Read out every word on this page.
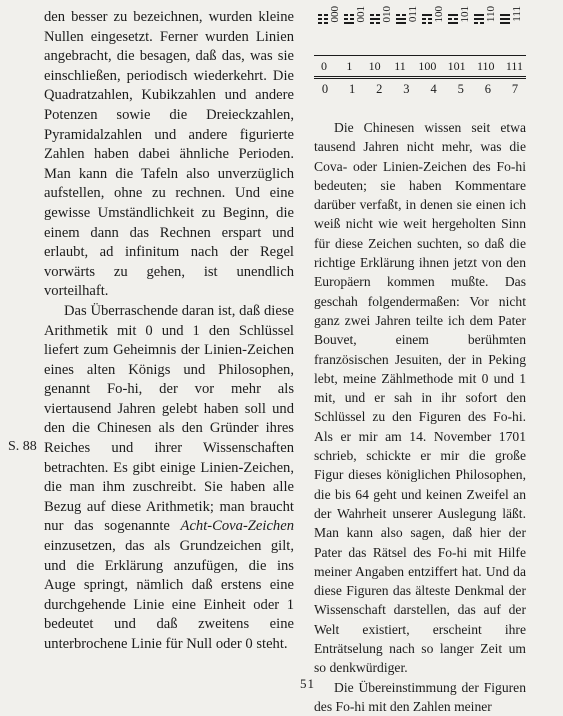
den besser zu bezeichnen, wurden kleine Nullen eingesetzt. Ferner wurden Linien angebracht, die besagen, daß das, was sie einschließen, periodisch wiederkehrt. Die Quadratzahlen, Kubikzahlen und andere Potenzen sowie die Dreieckzahlen, Pyramidalzahlen und andere figurierte Zahlen haben dabei ähnliche Perioden. Man kann die Tafeln also unverzüglich aufstellen, ohne zu rechnen. Und eine gewisse Umständlichkeit zu Beginn, die einem dann das Rechnen erspart und erlaubt, ad infinitum nach der Regel vorwärts zu gehen, ist unendlich vorteilhaft.

Das Überraschende daran ist, daß diese Arithmetik mit 0 und 1 den Schlüssel liefert zum Geheimnis der Linien-Zeichen eines alten Königs und Philosophen, genannt Fo-hi, der vor mehr als viertausend Jahren gelebt haben soll und den die Chinesen als den Gründer ihres Reiches und ihrer Wissenschaften betrachten. Es gibt einige Linien-Zeichen, die man ihm zuschreibt. Sie haben alle Bezug auf diese Arithmetik; man braucht nur das sogenannte Acht-Cova-Zeichen einzusetzen, das als Grundzeichen gilt, und die Erklärung anzufügen, die ins Auge springt, nämlich daß erstens eine durchgehende Linie eine Einheit oder 1 bedeutet und daß zweitens eine unterbrochene Linie für Null oder 0 steht.

S. 88
000 001 010 011 100 101 110 111
0	1	10 11 100 101 110 111
0 1 2 3 4 5 6 7

Die Chinesen wissen seit etwa tausend Jahren nicht mehr, was die Cova- oder Linien-Zeichen des Fo-hi bedeuten; sie haben Kommentare darüber verfaßt, in denen sie einen ich weiß nicht wie weit hergeholten Sinn für diese Zeichen suchten, so daß die richtige Erklärung ihnen jetzt von den Europäern kommen mußte. Das geschah folgendermaßen: Vor nicht ganz zwei Jahren teilte ich dem Pater Bouvet, einem berühmten französischen Jesuiten, der in Peking lebt, meine Zählmethode mit 0 und 1 mit, und er sah in ihr sofort den Schlüssel zu den Figuren des Fo-hi. Als er mir am 14. November 1701 schrieb, schickte er mir die große Figur dieses königlichen Philosophen, die bis 64 geht und keinen Zweifel an der Wahrheit unserer Auslegung läßt. Man kann also sagen, daß hier der Pater das Rätsel des Fo-hi mit Hilfe meiner Angaben entziffert hat. Und da diese Figuren das älteste Denkmal der Wissenschaft darstellen, das auf der Welt existiert, erscheint ihre Enträtselung nach so langer Zeit um so denkwürdiger.

Die Übereinstimmung der Figuren des Fo-hi mit den Zahlen meiner

51
